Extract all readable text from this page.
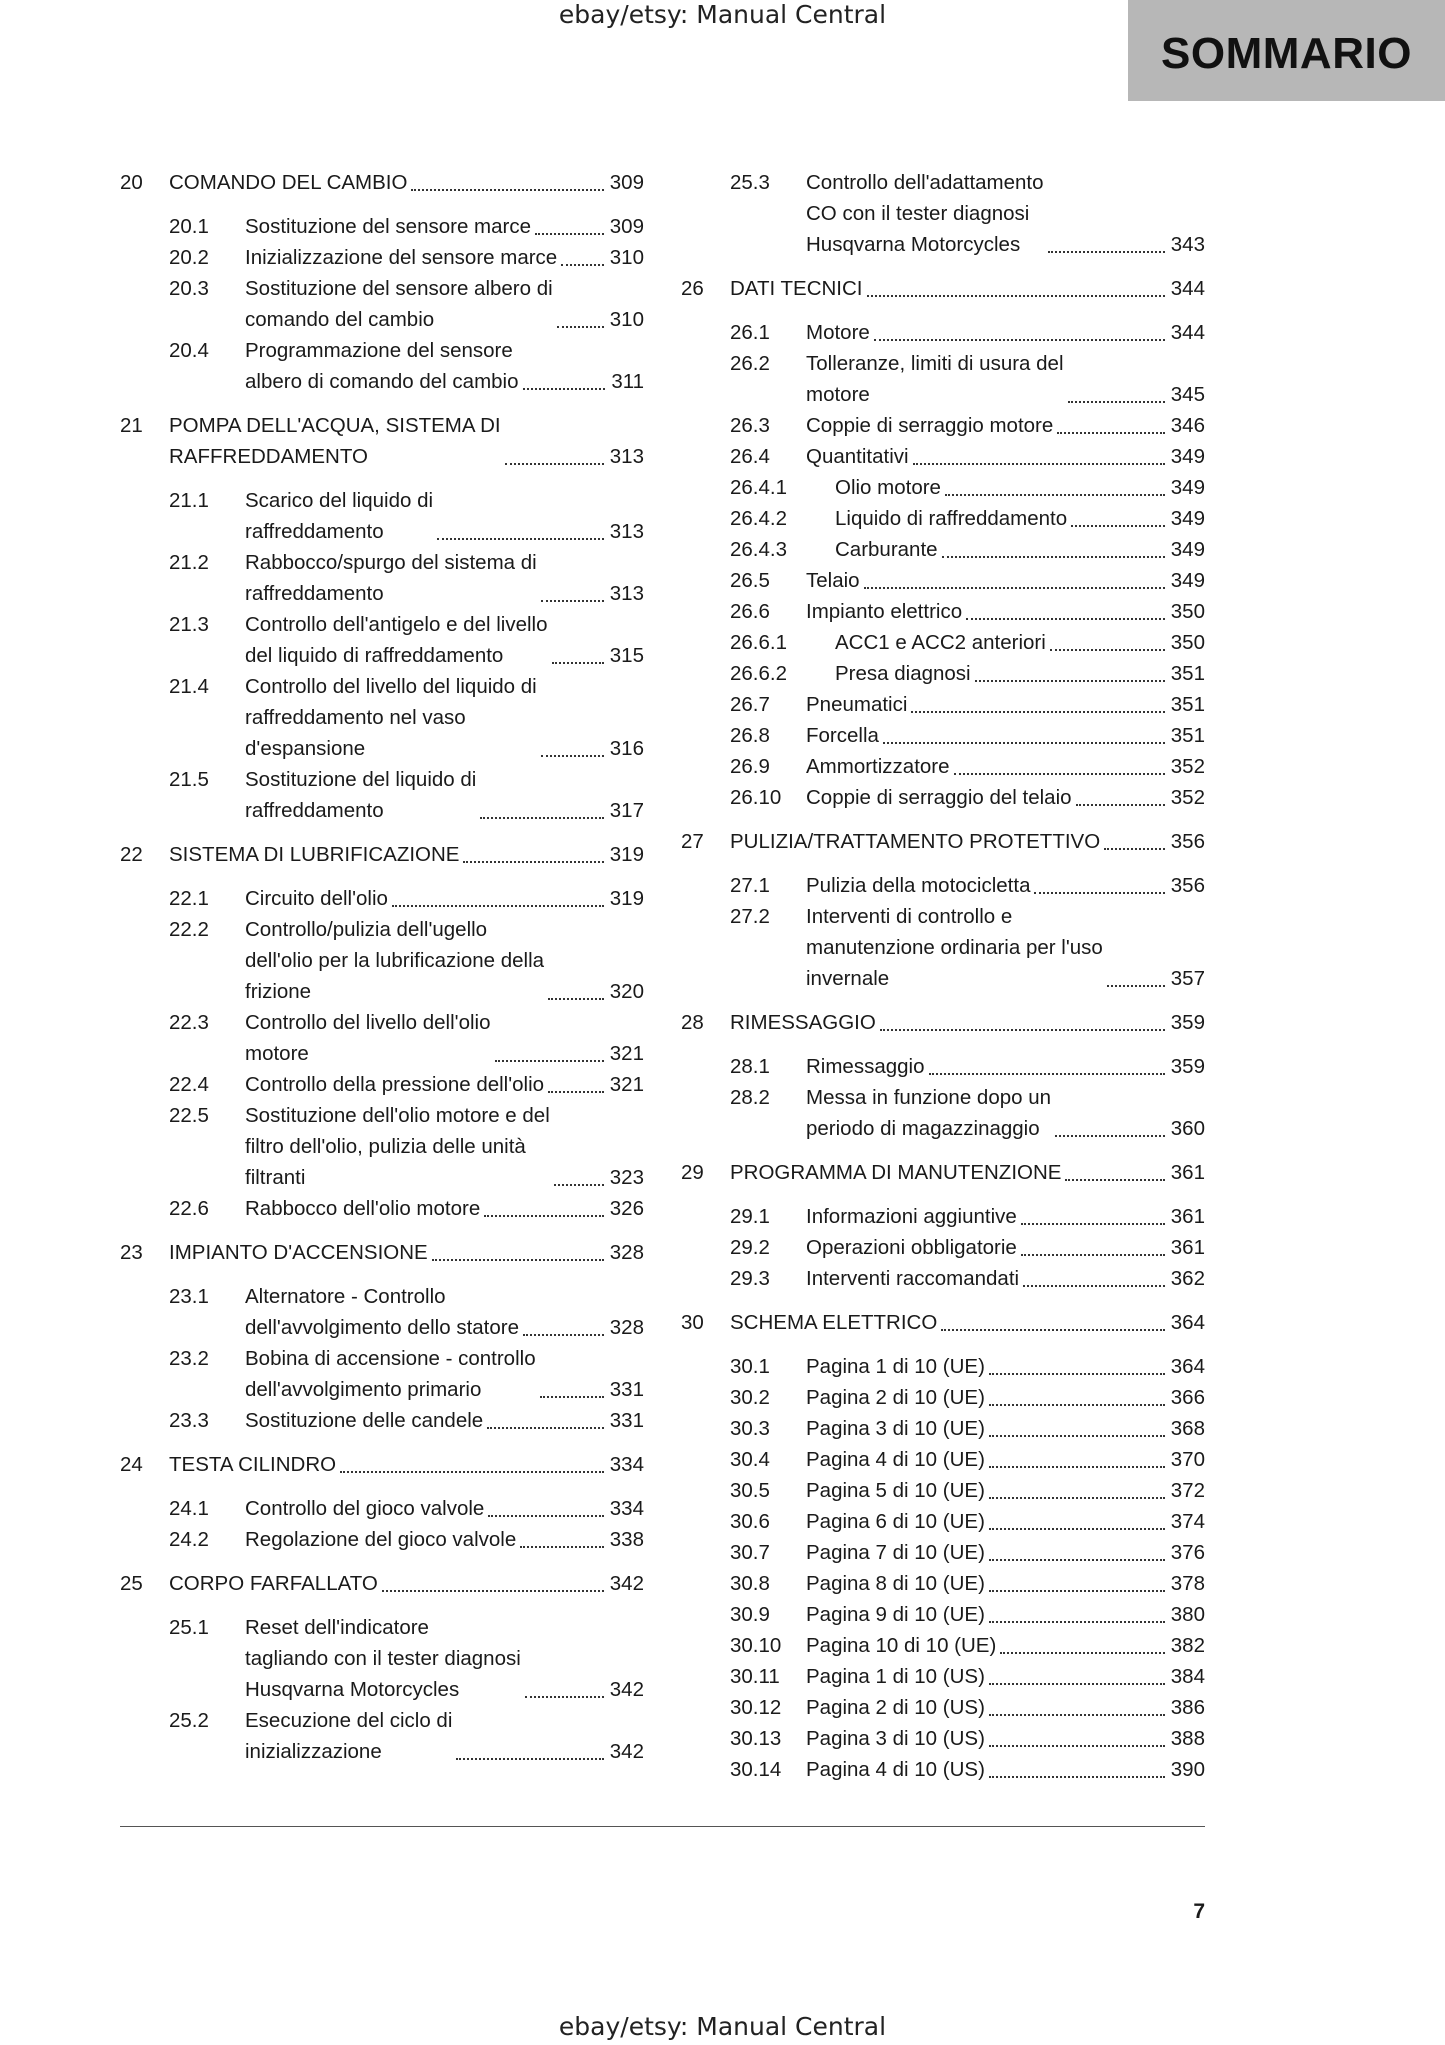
ebay/etsy: Manual Central
SOMMARIO
20 COMANDO DEL CAMBIO	309
20.1 Sostituzione del sensore marce	309
20.2 Inizializzazione del sensore marce	310
20.3 Sostituzione del sensore albero di
comando del cambio	310
20.4 Programmazione del sensore
albero di comando del cambio	311
21 POMPA DELL'ACQUA, SISTEMA DI
RAFFREDDAMENTO	313
21.1 Scarico del liquido di
raffreddamento	313
21.2 Rabbocco/spurgo del sistema di
raffreddamento	313
21.3 Controllo dell'antigelo e del livello
del liquido di raffreddamento	315
21.4 Controllo del livello del liquido di
raffreddamento nel vaso
d'espansione	316
21.5 Sostituzione del liquido di
raffreddamento	317
22 SISTEMA DI LUBRIFICAZIONE	319
22.1 Circuito dell'olio	319
22.2 Controllo/pulizia dell'ugello
dell'olio per la lubrificazione della
frizione	320
22.3 Controllo del livello dell'olio
motore	321
22.4 Controllo della pressione dell'olio	321
22.5 Sostituzione dell'olio motore e del
filtro dell'olio, pulizia delle unità
filtranti	323
22.6 Rabbocco dell'olio motore	326
23 IMPIANTO D'ACCENSIONE	328
23.1 Alternatore - Controllo
dell'avvolgimento dello statore	328
23.2 Bobina di accensione - controllo
dell'avvolgimento primario	331
23.3 Sostituzione delle candele	331
24 TESTA CILINDRO	334
24.1 Controllo del gioco valvole	334
24.2 Regolazione del gioco valvole	338
25 CORPO FARFALLATO	342
25.1 Reset dell'indicatore
tagliando con il tester diagnosi
Husqvarna Motorcycles	342
25.2 Esecuzione del ciclo di
inizializzazione	342
25.3 Controllo dell'adattamento
CO con il tester diagnosi
Husqvarna Motorcycles	343
26 DATI TECNICI	344
26.1 Motore	344
26.2 Tolleranze, limiti di usura del
motore	345
26.3 Coppie di serraggio motore	346
26.4 Quantitativi	349
26.4.1 Olio motore	349
26.4.2 Liquido di raffreddamento	349
26.4.3 Carburante	349
26.5 Telaio	349
26.6 Impianto elettrico	350
26.6.1 ACC1 e ACC2 anteriori	350
26.6.2 Presa diagnosi	351
26.7 Pneumatici	351
26.8 Forcella	351
26.9 Ammortizzatore	352
26.10 Coppie di serraggio del telaio	352
27 PULIZIA/TRATTAMENTO PROTETTIVO	356
27.1 Pulizia della motocicletta	356
27.2 Interventi di controllo e
manutenzione ordinaria per l'uso
invernale	357
28 RIMESSAGGIO	359
28.1 Rimessaggio	359
28.2 Messa in funzione dopo un
periodo di magazzinaggio	360
29 PROGRAMMA DI MANUTENZIONE	361
29.1 Informazioni aggiuntive	361
29.2 Operazioni obbligatorie	361
29.3 Interventi raccomandati	362
30 SCHEMA ELETTRICO	364
30.1 Pagina 1 di 10 (UE)	364
30.2 Pagina 2 di 10 (UE)	366
30.3 Pagina 3 di 10 (UE)	368
30.4 Pagina 4 di 10 (UE)	370
30.5 Pagina 5 di 10 (UE)	372
30.6 Pagina 6 di 10 (UE)	374
30.7 Pagina 7 di 10 (UE)	376
30.8 Pagina 8 di 10 (UE)	378
30.9 Pagina 9 di 10 (UE)	380
30.10 Pagina 10 di 10 (UE)	382
30.11 Pagina 1 di 10 (US)	384
30.12 Pagina 2 di 10 (US)	386
30.13 Pagina 3 di 10 (US)	388
30.14 Pagina 4 di 10 (US)	390
7
ebay/etsy: Manual Central
